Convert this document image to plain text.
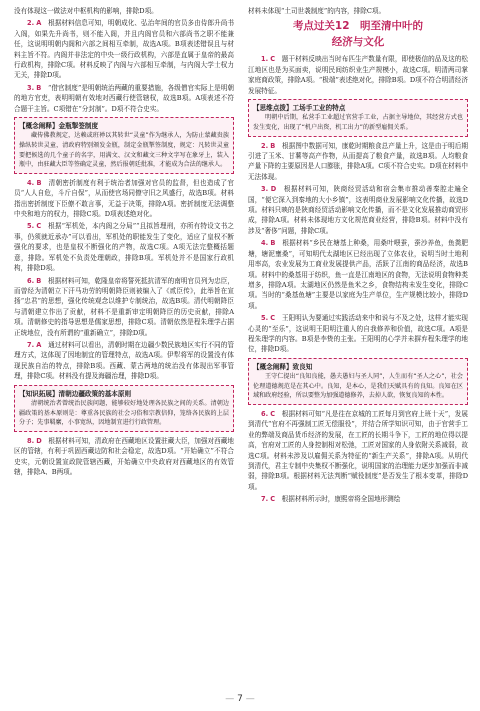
没有体现这一做法对中枢机构的影响，排除D项。

2. A　 根据材料信息可知，明朝成化、弘治年间的官员多由侍郎升尚书入阁，如果先升尚书，则不能入阁，并且内阁官员和六部尚书之职不能兼任，这说明明朝内阁和六部之间相互牵制，故选A项。B项表述错误且与材料主旨不符。内阁并非法定的中央一级行政机构，六部是直属于皇帝的最高行政机构，排除C项。材料反映了内阁与六部相互牵制，与内阁大学士权力无关，排除D项。

3. B　 “借官制度”是明朝统治两藏的重要措施，各级僧官实际上是明朝的地方官吏，表明明朝有效地对西藏行使管辖权，故选B项。A项表述不符合题干主旨。C项错在“分封制”。D项不符合史实。

【概念阐释】金瓶掣签制度
藏传佛教规定，达赖或班禅以其转世“灵童”作为继承人，为防止蒙藏贵族操纵转世灵童，清政府特别颁发金瓶，制定金瓶掣签制度，规定：凡转世灵童要把候选的几个童子的名字，用满文、汉文和藏文三种文字写在象牙上，装入瓶中，由驻藏大臣等签确定灵童，然后报朝廷批准，才能成为合法的继承人。

4. B　 清朝密折制度有利于统治者加强对官员的监督，但也造成了官员“人人自危，斗斤自保”，从而使官场同僚守旧之风盛行，故选B项。材料指出密折制度下臣僚不敢言事，无益于决策，排除A项。密折制度无法调整中央和地方的权力，排除C项。D项表述绝对化。

5. C　 根据“军机处，本内阁之分局”“且拟旨理刑，亦所有特设文书之事，仍须就近承办”可以看出，军机处的职能发生了变化，适应了皇权不断强化的要求，也是皇权不断强化的产物，故选C项。A项无法完整概括题意，排除。军机处不负责处理朝政，排除B项。军机处并不是国家行政机构，排除D项。

6. B　 根据材料可知，乾隆皇帝将誓死抵抗清军的南明官员列为忠臣，而曾经为清朝立下汗马功劳的明朝降臣则被编入了《贰臣传》，此举旨在宣扬“忠君”的思想，强化传统观念以维护专制统治，故选B项。清代明朝降臣与清朝建立作出了贡献，材料不是重新审定明朝降臣的历史贡献，排除A项。清朝修史的指导思想是儒家思想，排除C项。清朝依然是程朱理学占据正统地位，没有所谓的“重新确立”，排除D项。

7. A　 通过材料可以看出，清朝时期在边疆少数民族地区实行不同的管理方式，这体现了因地制宜的管理特点，故选A项。伊犁将军的设置没有体现民族自治的特点，排除B项。西藏、蒙古两地的统治没有体现出军事管理，排除C项。材料没有提及海疆治理，排除D项。

【知识拓展】清朝边疆政策的基本原则
清朝统治者曾统治民族问题，能够较好地处理各民族之间的关系。清朝边疆政策的基本原则是：尊重各民族的社会习俗和宗教信仰，笼络各民族的上层分子；先事羁縻，小事宽纵，因地制宜进行行政管理。

8. D　 根据材料可知，清政府在西藏地区设置驻藏大臣，加强对西藏地区的管辖，有利于巩固西藏边防和社会稳定，故选D项。“开始确立”不符合史实，元朝设置宣政院管辖西藏，开始确立中央政府对西藏地区的有效管辖，排除A、B两项。

材料未体现“土司世袭制度”的内容，排除C项。

考点过关12　明至清中叶的
经济与文化

1. C　 题干材料反映出当时布匹生产数量有限，即使极信的品及这的松江地区也是为买面卖，说明民间纺织业生产规模小，故选C项。明清两司掌家庭商政策，排除A项。“极端”表述绝对化，排除B项。D项不符合明清经济发展特征。

【思维点拨】工场手工业的特点
明朝中后期，私营手工业超过官营手工业，占据主导地位，其经营方式也发生变化，出现了“机户出资，机工出力”的新型雇佣关系。

2. B　 根据图中数据可知，康乾时期粮食总产量上升，这是由于明后期引进了玉米、甘薯等高产作物，从而提高了粮食产量，故选B项。人均粮食产量下降的主要原因是人口膨胀，排除A项。C项不符合史实。D项在材料中无法体现。

3. D　 根据材料可知，陕商经贸活动和宿会集市推动善秦腔走遍全国，“便它深入到秦地的大小乡镇”，这表明商业发展影响文化传播，故选D项。材料只映的是陕商经贸活动影响文化传播，而不是文化发展推动商贸形成，排除A项。材料未体现地方文化规范商业经营，排除B项。材料中没有涉及“奢侈”问题，排除C项。

4. B　 根据材料“乡民在塘基上种桑，用桑叶喂蚕，蚕沙养鱼，鱼粪肥塘，塘泥壅桑”，可知明代太湖地区已经出现了立体农业，说明当时土地利用率高，农业发展为工商业发展提供产品，活跃了江南的商品经济，故选B项。材料中的桑基用于纺织，鱼一直是江南地区的食物，无法说明食物种类增多，排除A项。太湖地区仍然是鱼米之乡，食物结构未发生变化，排除C项。当时的“桑基鱼塘”主要是以家庭为生产单位，生产规模比较小，排除D项。

5. C　 王阳明认为要通过实践活动来中和说与不及之处，这样才能实现心灵的“至乐”，这说明王阳明注重人的自我修养和价值，故选C项。A项是程朱理学的内容。B项是李贽的主张。王阳明的心学并未摒弃程朱理学的地位，排除D项。

【概念阐释】致良知
王守仁提出“良知良能，愚夫愚妇与圣人同”，人生而有“圣人之心”，社会伦理道德规范是在其心中。良知，是本心，是我们天赋具有的良知。良知在区域和政府经验，所以要整为加强道德修养，去掉人欲，恢复良知的本性。

6. C　 根据材料可知“凡是往在京城的工匠每月到官府上班十天”，发展到清代“官府不再强制工匠无偿服役”，并结合所学知识可知，由于官营手工业的弊端及商品货币经济的发展，在工匠的长期斗争下，工匠的地位得以提高，官府对工匠的人身控制相对松弛，工匠对国家的人身依附关系减弱，故选C项。材料未涉及以雇佣关系为特征的“新生产关系”，排除A项。从明代到清代，君主专制中央集权不断强化，说明国家的治理能力逐步加强而非减弱，排除B项。根据材料无法判断“赋役制度”是否发生了根本变革，排除D项。

7. C　 根据材料所示时，康熙帝将全国地形测绘

— 7 —
